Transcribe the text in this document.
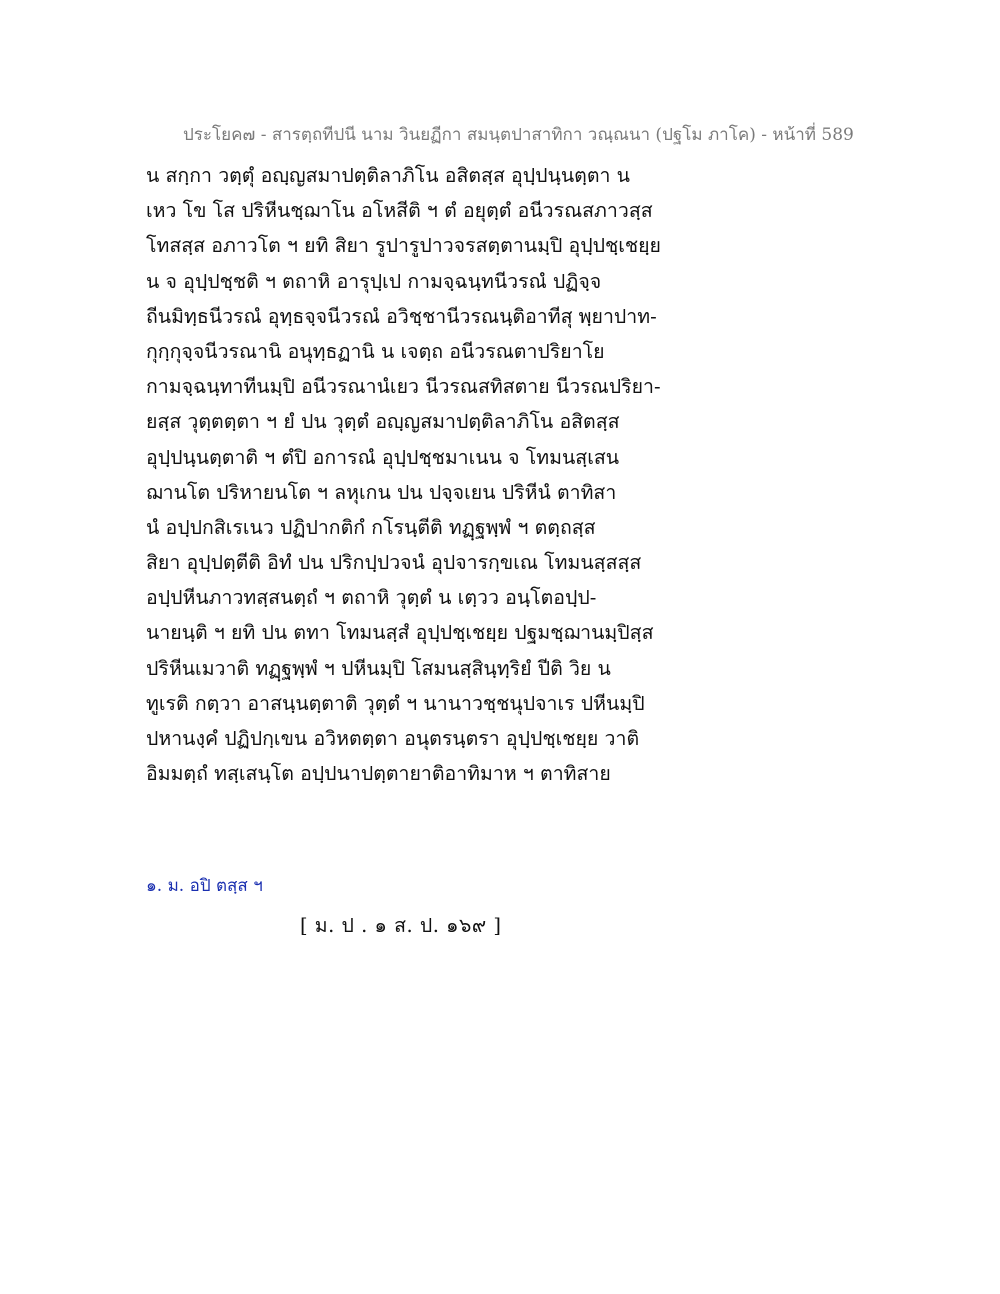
ประโยค๗ - สารตฺถทีปนี นาม วินยฏีกา สมนฺตปาสาทิกา วณฺณนา (ปฐโม ภาโค) - หน้าที่ 589
น สกฺกา วตฺตุํ อญฺญสมาปตฺติลาภิโน อสิตสฺส อุปฺปนฺนตฺตา น
เหว โข โส ปริหีนชฺฌาโน อโหสีติ ฯ ตํ อยุตฺตํ อนีวรณสภาวสฺส
โทสสฺส อภาวโต ฯ ยทิ สิยา รูปารูปาวจรสตฺตานมฺปิ อุปฺปชฺเชยฺย
น จ อุปฺปชฺชติ ฯ ตถาหิ อารุปฺเป กามจฺฉนฺทนีวรณํ ปฏิจฺจ
ถีนมิทฺธนีวรณํ อุทฺธจฺจนีวรณํ อวิชฺชานีวรณนฺติอาทีสุ พฺยาปาท-
กุกฺกุจฺจนีวรณานิ อนุทฺธฏานิ น เจตฺถ อนีวรณตาปริยาโย
กามจฺฉนฺทาทีนมฺปิ อนีวรณานํเยว นีวรณสทิสตาย นีวรณปริยา-
ยสฺส วุตฺตตฺตา ฯ ยํ ปน วุตฺตํ อญฺญสมาปตฺติลาภิโน อสิตสฺส
อุปฺปนฺนตฺตาติ ฯ ตํปิ อการณํ อุปฺปชฺชมาเนน จ โทมนสฺเสน
ฌานโต ปริหายนโต ฯ ลหุเกน ปน ปจฺจเยน ปริหีนํ ตาทิสา
นํ อปฺปกสิเรเนว ปฏิปากติกํ กโรนฺตีติ ทฏฺฐพฺพํ ฯ ตตฺถสฺส
สิยา อุปฺปตฺตีติ อิทํ ปน ปริกปฺปวจนํ อุปจารกฺขเณ โทมนสฺสสฺส
อปฺปหีนภาวทสฺสนตฺถํ ฯ ตถาหิ วุตฺตํ น เตฺวว อนฺโตอปฺป-
นายนฺติ ฯ ยทิ ปน ตทา โทมนสฺสํ อุปฺปชฺเชยฺย ปฐมชฺฌานมฺปิสฺส
ปริหีนเมวาติ ทฏฺฐพฺพํ ฯ ปหีนมฺปิ โสมนสฺสินฺทฺริยํ ปีติ วิย น
ทูเรติ กตฺวา อาสนฺนตฺตาติ วุตฺตํ ฯ นานาวชฺชนุปจาเร ปหีนมฺปิ
ปหานงฺคํ ปฏิปกฺเขน อวิหตตฺตา อนุตรนฺตรา อุปฺปชฺเชยฺย วาติ
อิมมตฺถํ ทสฺเสนฺโต อปฺปนาปตฺตายาติอาทิมาห ฯ ตาทิสาย
๑. ม. อปิ ตสฺส ฯ
[ ม. ป . ๑ ส. ป. ๑๖๙ ]
